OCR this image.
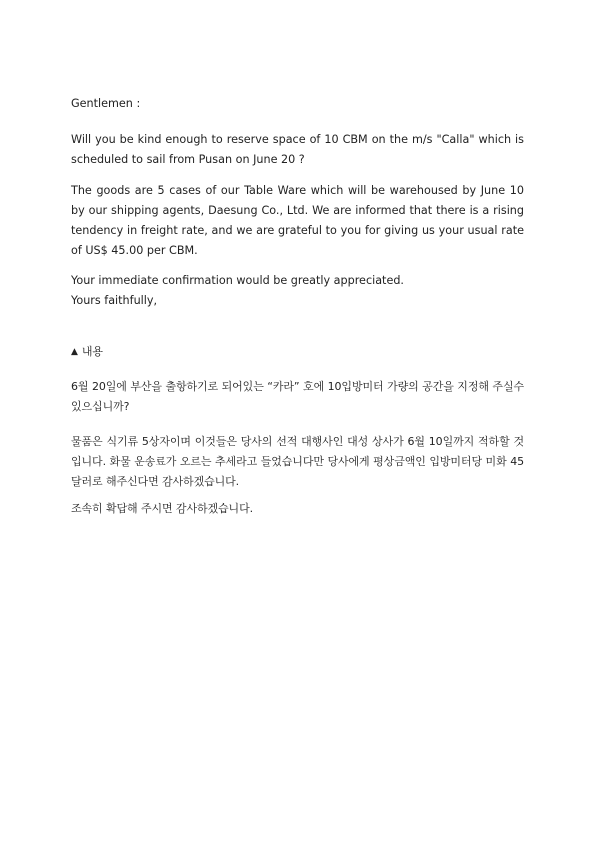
Gentlemen :
Will you be kind enough to reserve space of 10 CBM on the m/s "Calla" which is scheduled to sail from Pusan on June 20 ?
The goods are 5 cases of our Table Ware which will be warehoused by June 10 by our shipping agents, Daesung Co., Ltd. We are informed that there is a rising tendency in freight rate, and we are grateful to you for giving us your usual rate of US$ 45.00 per CBM.
Your immediate confirmation would be greatly appreciated.
Yours faithfully,
▲ 내용
6월 20일에 부산을 출항하기로 되어있는 “카라” 호에 10입방미터 가량의 공간을 지정해 주실수 있으십니까?
물품은 식기류 5상자이며 이것들은 당사의 선적 대행사인 대성 상사가 6월 10일까지 적하할 것입니다. 화물 운송료가 오르는 추세라고 들었습니다만 당사에게 평상금액인 입방미터당 미화 45 달러로 해주신다면 감사하겠습니다.
조속히 확답해 주시면 감사하겠습니다.
